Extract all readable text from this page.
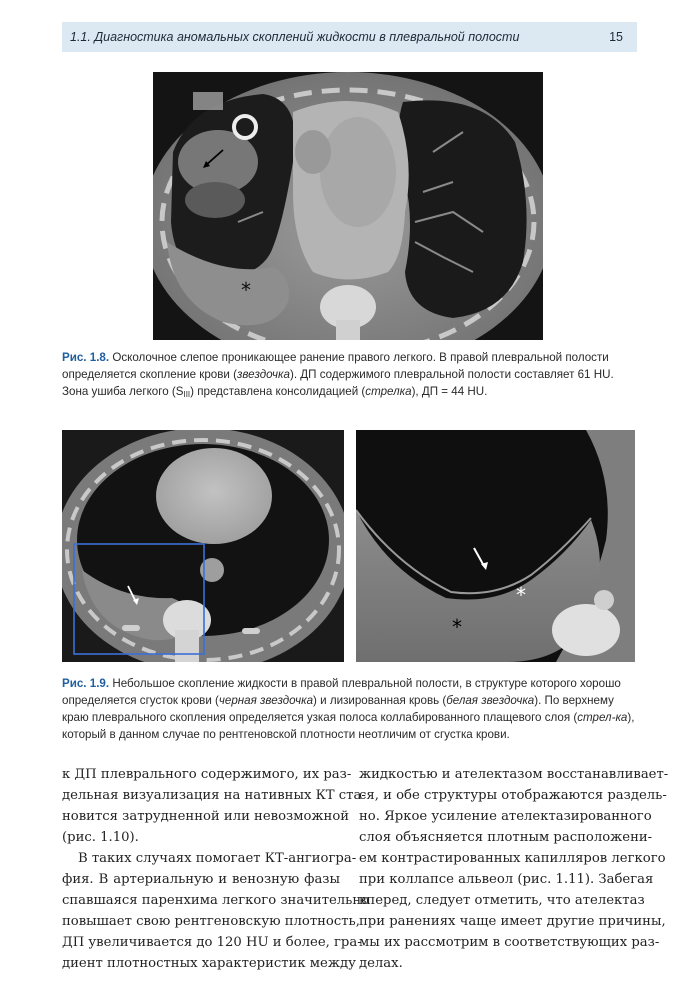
1.1. Диагностика аномальных скоплений жидкости в плевральной полости	15
*
Рис. 1.8. Осколочное слепое проникающее ранение правого легкого. В правой плевральной полости определяется скопление крови (звездочка). ДП содержимого плевральной полости составляет 61 HU. Зона ушиба легкого $(S_{III})$ представлена консолидацией (стрелка), ДП = 44 HU.
*
*
Рис. 1.9. Небольшое скопление жидкости в правой плевральной полости, в структуре которого хорошо определяется сгусток крови (черная звездочка) и лизированная кровь (белая звездочка). По верхнему краю плеврального скопления определяется узкая полоса коллабированного плащевого слоя (стрел-ка), который в данном случае по рентгеновской плотности неотличим от сгустка крови.
к ДП плеврального содержимого, их раз-
дельная визуализация на нативных КТ ста-
новится затрудненной или невозможной
(рис. 1.10).
В таких случаях помогает КТ-ангиогра-
фия. В артериальную и венозную фазы
спавшаяся паренхима легкого значительно
повышает свою рентгеновскую плотность,
ДП увеличивается до 120 HU и более, гра-
диент плотностных характеристик между
жидкостью и ателектазом восстанавливает-
ся, и обе структуры отображаются раздель-
но. Яркое усиление ателектазированного
слоя объясняется плотным расположени-
ем контрастированных капилляров легкого
при коллапсе альвеол (рис. 1.11). Забегая
вперед, следует отметить, что ателектаз
при ранениях чаще имеет другие причины,
мы их рассмотрим в соответствующих раз-
делах.
